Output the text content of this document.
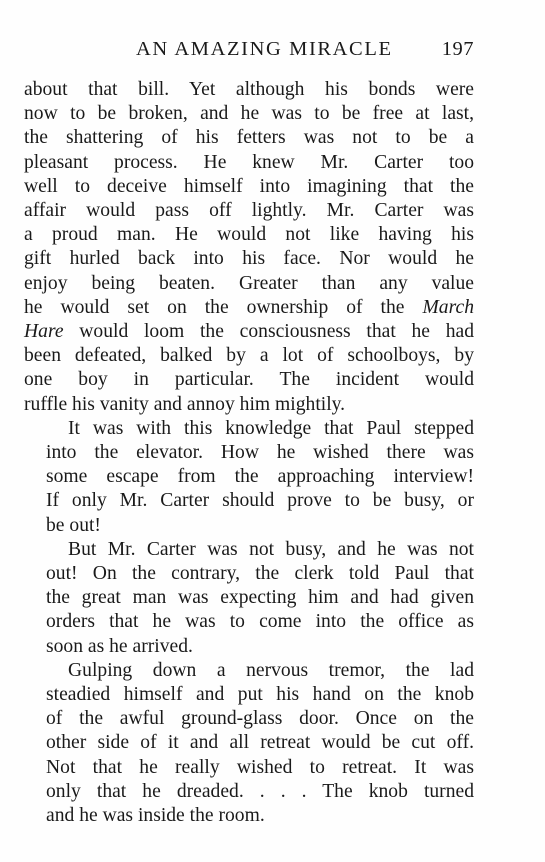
AN AMAZING MIRACLE 197

about that bill. Yet although his bonds were
now to be broken, and he was to be free at last,
the shattering of his fetters was not to be a
pleasant process. He knew Mr. Carter too
well to deceive himself into imagining that the
affair would pass off lightly. Mr. Carter was
a proud man. He would not like having his
gift hurled back into his face. Nor would he
enjoy being beaten. Greater than any value
he would set on the ownership of the March
Hare would loom the consciousness that he had
been defeated, balked by a lot of schoolboys, by
one boy in particular. The incident would
ruffle his vanity and annoy him mightily.

It was with this knowledge that Paul stepped
into the elevator. How he wished there was
some escape from the approaching interview!
If only Mr. Carter should prove to be busy, or
be out!

But Mr. Carter was not busy, and he was not
out! On the contrary, the clerk told Paul that
the great man was expecting him and had given
orders that he was to come into the office as
soon as he arrived.

Gulping down a nervous tremor, the lad
steadied himself and put his hand on the knob
of the awful ground-glass door. Once on the
other side of it and all retreat would be cut off.
Not that he really wished to retreat. It was
only that he dreaded. . . . The knob turned
and he was inside the room.
